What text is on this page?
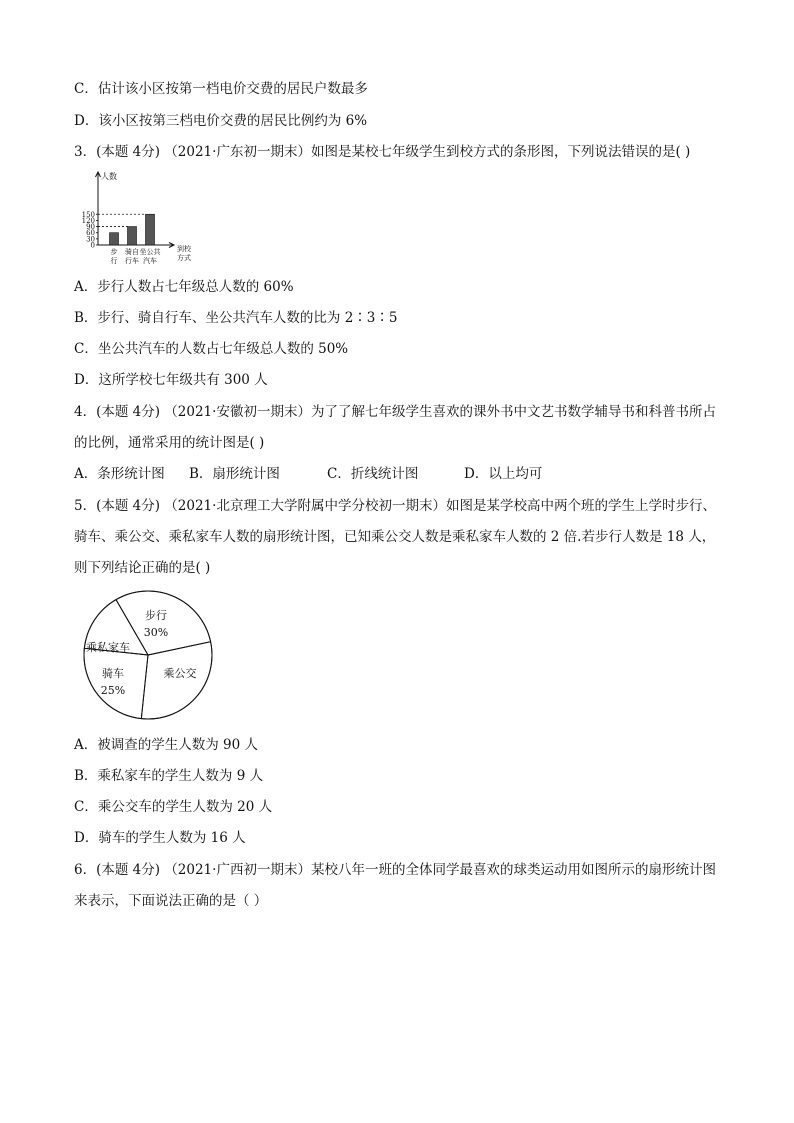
C．估计该小区按第一档电价交费的居民户数最多
D．该小区按第三档电价交费的居民比例约为 6%
3．(本题 4分) （2021·广东初一期末）如图是某校七年级学生到校方式的条形图，下列说法错误的是( )
人数
150
120
90
60
30
0
步
行
骑自
行车
坐公共
汽车
到校
方式
A．步行人数占七年级总人数的 60%
B．步行、骑自行车、坐公共汽车人数的比为 2∶3∶5
C．坐公共汽车的人数占七年级总人数的 50%
D．这所学校七年级共有 300 人
4．(本题 4分) （2021·安徽初一期末）为了了解七年级学生喜欢的课外书中文艺书数学辅导书和科普书所占
的比例，通常采用的统计图是( )
A．条形统计图 B．扇形统计图	C．折线统计图	D．以上均可
5．(本题 4分) （2021·北京理工大学附属中学分校初一期末）如图是某学校高中两个班的学生上学时步行、
骑车、乘公交、乘私家车人数的扇形统计图，已知乘公交人数是乘私家车人数的 2 倍.若步行人数是 18 人，
则下列结论正确的是( )
步行
30%
乘公交
骑车
25%
乘私家车
A．被调查的学生人数为 90 人
B．乘私家车的学生人数为 9 人
C．乘公交车的学生人数为 20 人
D．骑车的学生人数为 16 人
6．(本题 4分) （2021·广西初一期末）某校八年一班的全体同学最喜欢的球类运动用如图所示的扇形统计图
来表示，下面说法正确的是（ ）
